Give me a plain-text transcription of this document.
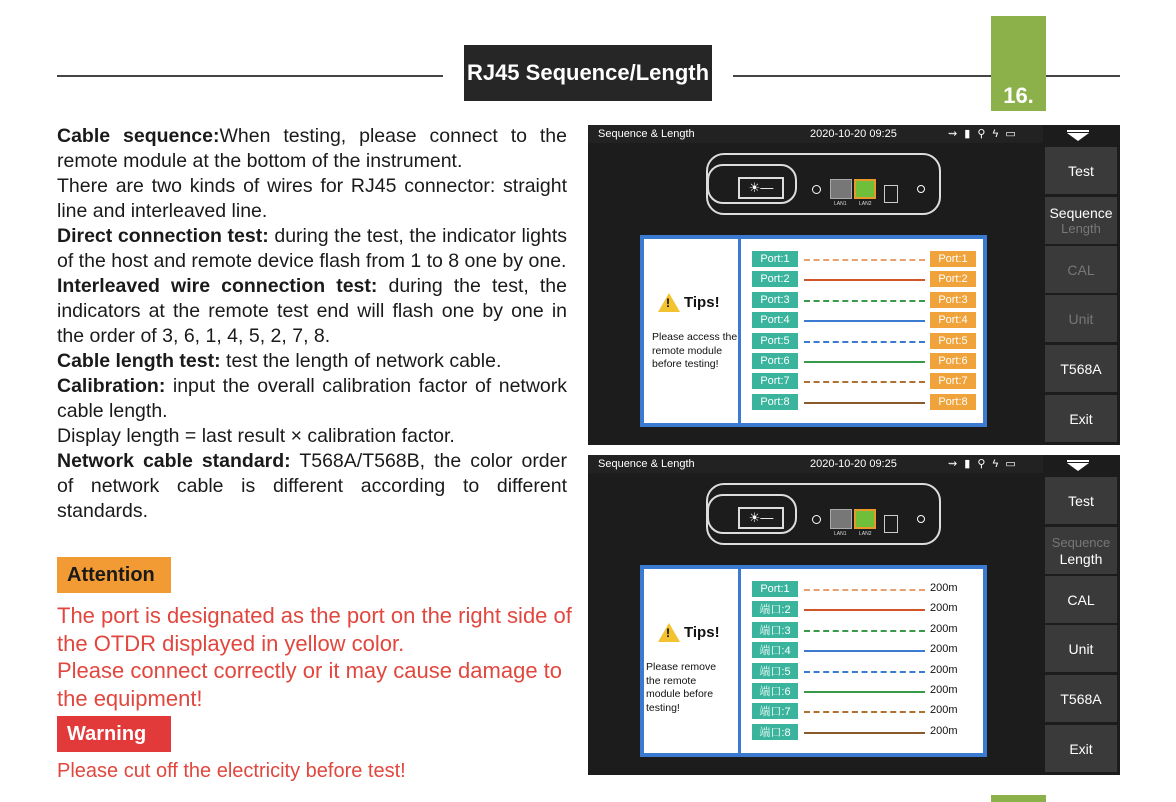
RJ45 Sequence/Length
16.

Cable sequence:When testing, please connect to the remote module at the bottom of the instrument.

There are two kinds of wires for RJ45 connector: straight line and interleaved line.

Direct connection test: during the test, the indicator lights of the host and remote device flash from 1 to 8 one by one.

Interleaved wire connection test: during the test, the indicators at the remote test end will flash one by one in the order of 3, 6, 1, 4, 5, 2, 7, 8.

Cable length test: test the length of network cable.

Calibration: input the overall calibration factor of network cable length.

Display length = last result × calibration factor.

Network cable standard: T568A/T568B, the color order of network cable is different according to different standards.

Attention
The port is designated as the port on the right side of the OTDR displayed in yellow color.
Please connect correctly or it may cause damage to the equipment!
Warning
Please cut off the electricity before test!
Sequence & Length	2020-10-20 09:25	⇝ ▮ ⚲ ϟ ▭
Test
Sequence
Length
CAL
Unit
T568A
Exit
☀—
LAN1 LAN2
!
Tips!
Please access the remote module before testing!
Port:1	Port:1
Port:2	Port:2
Port:3	Port:3
Port:4	Port:4
Port:5	Port:5
Port:6	Port:6
Port:7	Port:7
Port:8	Port:8
Sequence & Length	2020-10-20 09:25	⇝ ▮ ⚲ ϟ ▭
Test
Sequence
Length
CAL
Unit
T568A
Exit
☀—
LAN1 LAN2
!
Tips!
Please remove the remote module before testing!
Port:1	200m
端口:2	200m
端口:3	200m
端口:4	200m
端口:5	200m
端口:6	200m
端口:7	200m
端口:8	200m
